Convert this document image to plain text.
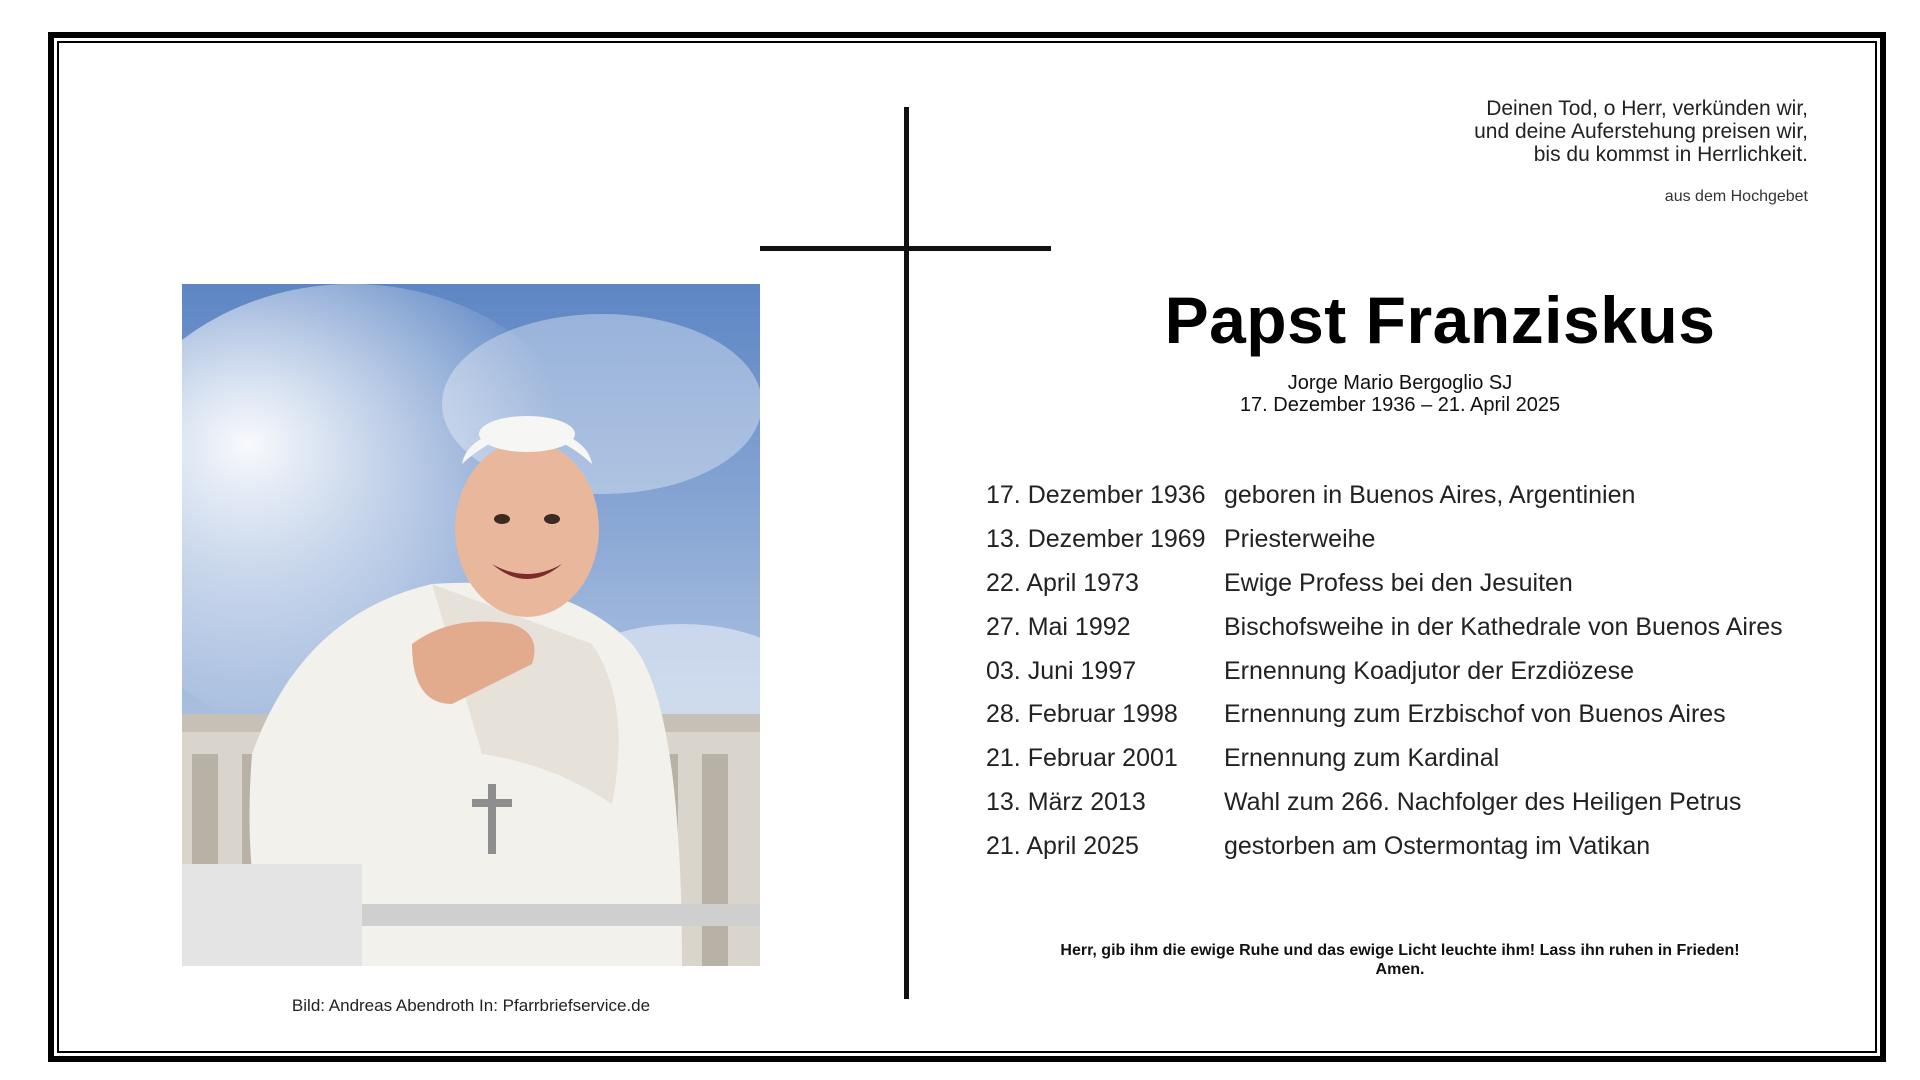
Bild: Andreas Abendroth In: Pfarrbriefservice.de
Deinen Tod, o Herr, verkünden wir,
und deine Auferstehung preisen wir,
bis du kommst in Herrlichkeit.
aus dem Hochgebet
Papst Franziskus
Jorge Mario Bergoglio SJ
17. Dezember 1936 – 21. April 2025
17. Dezember 1936 geboren in Buenos Aires, Argentinien
13. Dezember 1969 Priesterweihe
22. April 1973	Ewige Profess bei den Jesuiten
27. Mai 1992	Bischofsweihe in der Kathedrale von Buenos Aires
03. Juni 1997	Ernennung Koadjutor der Erzdiözese
28. Februar 1998	Ernennung zum Erzbischof von Buenos Aires
21. Februar 2001	Ernennung zum Kardinal
13. März 2013	Wahl zum 266. Nachfolger des Heiligen Petrus
21. April 2025	gestorben am Ostermontag im Vatikan
Herr, gib ihm die ewige Ruhe und das ewige Licht leuchte ihm! Lass ihn ruhen in Frieden!
Amen.
